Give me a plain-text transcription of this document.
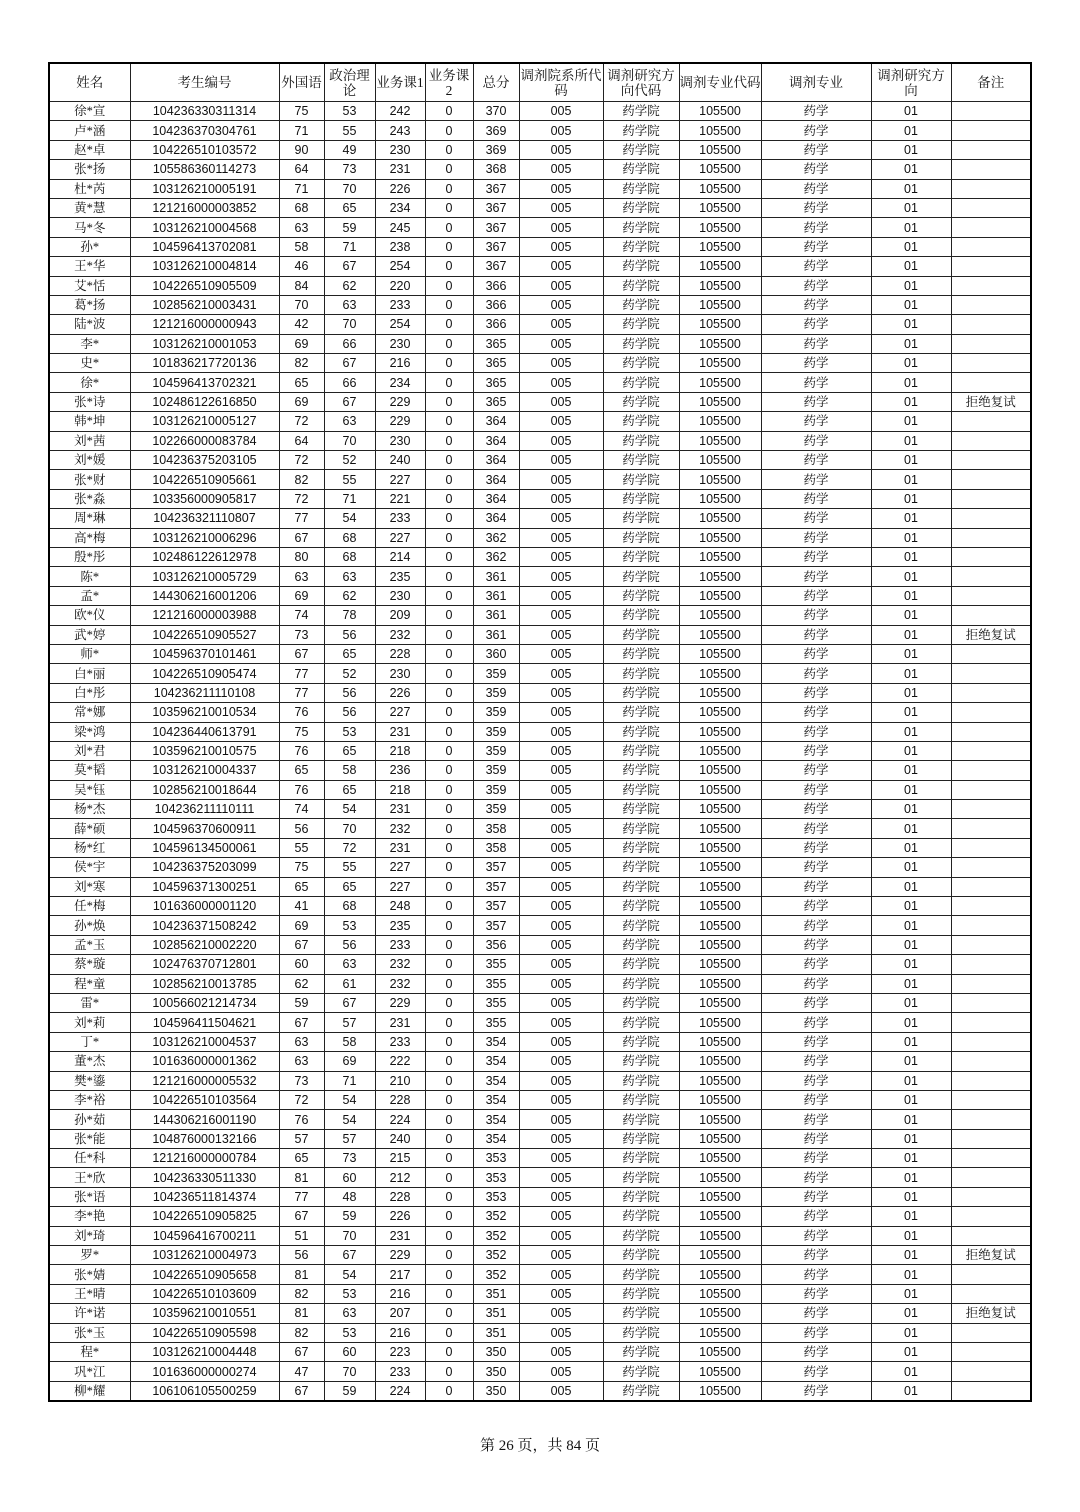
姓名	考生编号	外国语	政治理论	业务课1	业务课2	总分	调剂院系所代码	调剂研究方向代码	调剂专业代码	调剂专业	调剂研究方向	备注
徐*宣	104236330311314	75	53	242	0	370	005	药学院	105500	药学	01	
卢*涵	104236370304761	71	55	243	0	369	005	药学院	105500	药学	01	
赵*卓	104226510103572	90	49	230	0	369	005	药学院	105500	药学	01	
张*扬	105586360114273	64	73	231	0	368	005	药学院	105500	药学	01	
杜*芮	103126210005191	71	70	226	0	367	005	药学院	105500	药学	01	
黄*慧	121216000003852	68	65	234	0	367	005	药学院	105500	药学	01	
马*冬	103126210004568	63	59	245	0	367	005	药学院	105500	药学	01	
孙*	104596413702081	58	71	238	0	367	005	药学院	105500	药学	01	
王*华	103126210004814	46	67	254	0	367	005	药学院	105500	药学	01	
艾*恬	104226510905509	84	62	220	0	366	005	药学院	105500	药学	01	
葛*扬	102856210003431	70	63	233	0	366	005	药学院	105500	药学	01	
陆*波	121216000000943	42	70	254	0	366	005	药学院	105500	药学	01	
李*	103126210001053	69	66	230	0	365	005	药学院	105500	药学	01	
史*	101836217720136	82	67	216	0	365	005	药学院	105500	药学	01	
徐*	104596413702321	65	66	234	0	365	005	药学院	105500	药学	01	
张*诗	102486122616850	69	67	229	0	365	005	药学院	105500	药学	01	拒绝复试
韩*坤	103126210005127	72	63	229	0	364	005	药学院	105500	药学	01	
刘*茜	102266000083784	64	70	230	0	364	005	药学院	105500	药学	01	
刘*媛	104236375203105	72	52	240	0	364	005	药学院	105500	药学	01	
张*财	104226510905661	82	55	227	0	364	005	药学院	105500	药学	01	
张*淼	103356000905817	72	71	221	0	364	005	药学院	105500	药学	01	
周*琳	104236321110807	77	54	233	0	364	005	药学院	105500	药学	01	
高*梅	103126210006296	67	68	227	0	362	005	药学院	105500	药学	01	
殷*彤	102486122612978	80	68	214	0	362	005	药学院	105500	药学	01	
陈*	103126210005729	63	63	235	0	361	005	药学院	105500	药学	01	
孟*	144306216001206	69	62	230	0	361	005	药学院	105500	药学	01	
欧*仪	121216000003988	74	78	209	0	361	005	药学院	105500	药学	01	
武*婷	104226510905527	73	56	232	0	361	005	药学院	105500	药学	01	拒绝复试
师*	104596370101461	67	65	228	0	360	005	药学院	105500	药学	01	
白*丽	104226510905474	77	52	230	0	359	005	药学院	105500	药学	01	
白*彤	104236211110108	77	56	226	0	359	005	药学院	105500	药学	01	
常*娜	103596210010534	76	56	227	0	359	005	药学院	105500	药学	01	
梁*鸿	104236440613791	75	53	231	0	359	005	药学院	105500	药学	01	
刘*君	103596210010575	76	65	218	0	359	005	药学院	105500	药学	01	
莫*韬	103126210004337	65	58	236	0	359	005	药学院	105500	药学	01	
吴*钰	102856210018644	76	65	218	0	359	005	药学院	105500	药学	01	
杨*杰	104236211110111	74	54	231	0	359	005	药学院	105500	药学	01	
薛*硕	104596370600911	56	70	232	0	358	005	药学院	105500	药学	01	
杨*红	104596134500061	55	72	231	0	358	005	药学院	105500	药学	01	
侯*宇	104236375203099	75	55	227	0	357	005	药学院	105500	药学	01	
刘*寒	104596371300251	65	65	227	0	357	005	药学院	105500	药学	01	
任*梅	101636000001120	41	68	248	0	357	005	药学院	105500	药学	01	
孙*焕	104236371508242	69	53	235	0	357	005	药学院	105500	药学	01	
孟*玉	102856210002220	67	56	233	0	356	005	药学院	105500	药学	01	
蔡*璇	102476370712801	60	63	232	0	355	005	药学院	105500	药学	01	
程*童	102856210013785	62	61	232	0	355	005	药学院	105500	药学	01	
雷*	100566021214734	59	67	229	0	355	005	药学院	105500	药学	01	
刘*莉	104596411504621	67	57	231	0	355	005	药学院	105500	药学	01	
丁*	103126210004537	63	58	233	0	354	005	药学院	105500	药学	01	
董*杰	101636000001362	63	69	222	0	354	005	药学院	105500	药学	01	
樊*鎏	121216000005532	73	71	210	0	354	005	药学院	105500	药学	01	
李*裕	104226510103564	72	54	228	0	354	005	药学院	105500	药学	01	
孙*茹	144306216001190	76	54	224	0	354	005	药学院	105500	药学	01	
张*能	104876000132166	57	57	240	0	354	005	药学院	105500	药学	01	
任*科	121216000000784	65	73	215	0	353	005	药学院	105500	药学	01	
王*欣	104236330511330	81	60	212	0	353	005	药学院	105500	药学	01	
张*语	104236511814374	77	48	228	0	353	005	药学院	105500	药学	01	
李*艳	104226510905825	67	59	226	0	352	005	药学院	105500	药学	01	
刘*琦	104596416700211	51	70	231	0	352	005	药学院	105500	药学	01	
罗*	103126210004973	56	67	229	0	352	005	药学院	105500	药学	01	拒绝复试
张*婧	104226510905658	81	54	217	0	352	005	药学院	105500	药学	01	
王*晴	104226510103609	82	53	216	0	351	005	药学院	105500	药学	01	
许*诺	103596210010551	81	63	207	0	351	005	药学院	105500	药学	01	拒绝复试
张*玉	104226510905598	82	53	216	0	351	005	药学院	105500	药学	01	
程*	103126210004448	67	60	223	0	350	005	药学院	105500	药学	01	
巩*江	101636000000274	47	70	233	0	350	005	药学院	105500	药学	01	
柳*耀	106106105500259	67	59	224	0	350	005	药学院	105500	药学	01	
第 26 页，共 84 页
